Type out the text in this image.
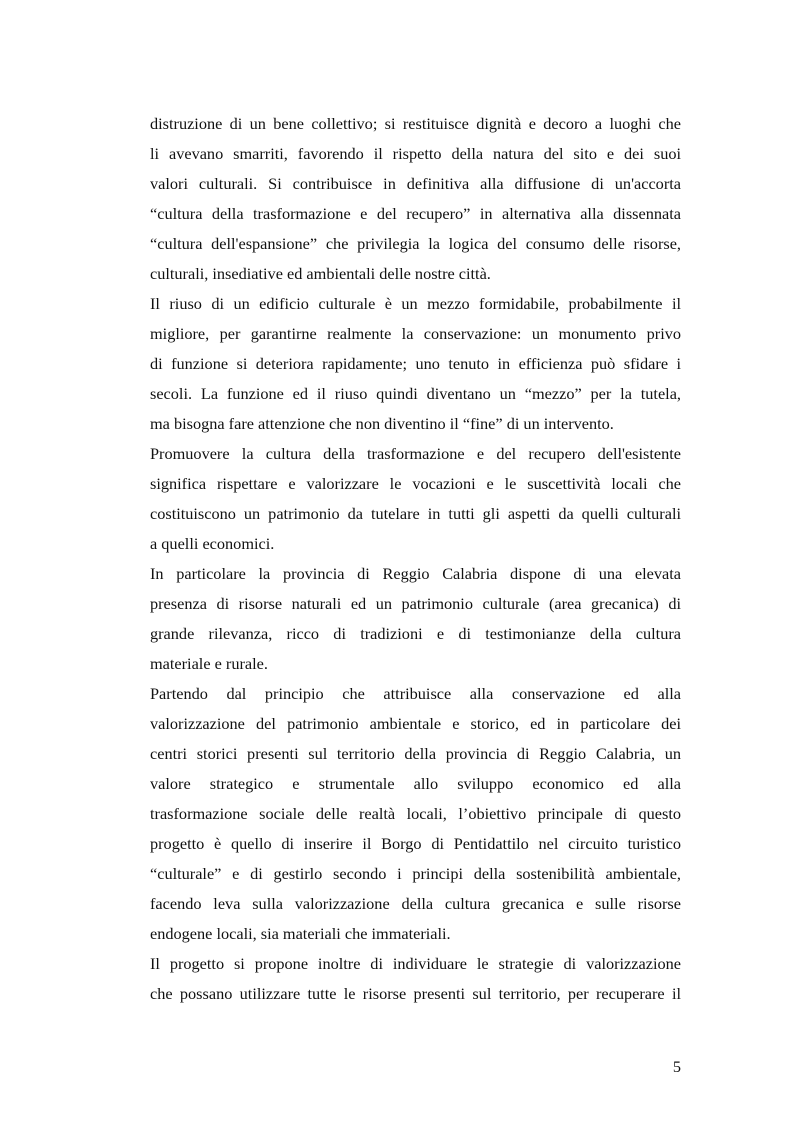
distruzione di un bene collettivo; si restituisce dignità e decoro a luoghi che
li avevano smarriti, favorendo il rispetto della natura del sito e dei suoi
valori culturali. Si contribuisce in definitiva alla diffusione di un'accorta
“cultura della trasformazione e del recupero” in alternativa alla dissennata
“cultura dell'espansione” che privilegia la logica del consumo delle risorse,
culturali, insediative ed ambientali delle nostre città.
Il riuso di un edificio culturale è un mezzo formidabile, probabilmente il
migliore, per garantirne realmente la conservazione: un monumento privo
di funzione si deteriora rapidamente; uno tenuto in efficienza può sfidare i
secoli. La funzione ed il riuso quindi diventano un “mezzo” per la tutela,
ma bisogna fare attenzione che non diventino il “fine” di un intervento.
Promuovere la cultura della trasformazione e del recupero dell'esistente
significa rispettare e valorizzare le vocazioni e le suscettività locali che
costituiscono un patrimonio da tutelare in tutti gli aspetti da quelli culturali
a quelli economici.
In particolare la provincia di Reggio Calabria dispone di una elevata
presenza di risorse naturali ed un patrimonio culturale (area grecanica) di
grande rilevanza, ricco di tradizioni e di testimonianze della cultura
materiale e rurale.
Partendo dal principio che attribuisce alla conservazione ed alla
valorizzazione del patrimonio ambientale e storico, ed in particolare dei
centri storici presenti sul territorio della provincia di Reggio Calabria, un
valore strategico e strumentale allo sviluppo economico ed alla
trasformazione sociale delle realtà locali, l’obiettivo principale di questo
progetto è quello di inserire il Borgo di Pentidattilo nel circuito turistico
“culturale” e di gestirlo secondo i principi della sostenibilità ambientale,
facendo leva sulla valorizzazione della cultura grecanica e sulle risorse
endogene locali, sia materiali che immateriali.
Il progetto si propone inoltre di individuare le strategie di valorizzazione
che possano utilizzare tutte le risorse presenti sul territorio, per recuperare il
5
